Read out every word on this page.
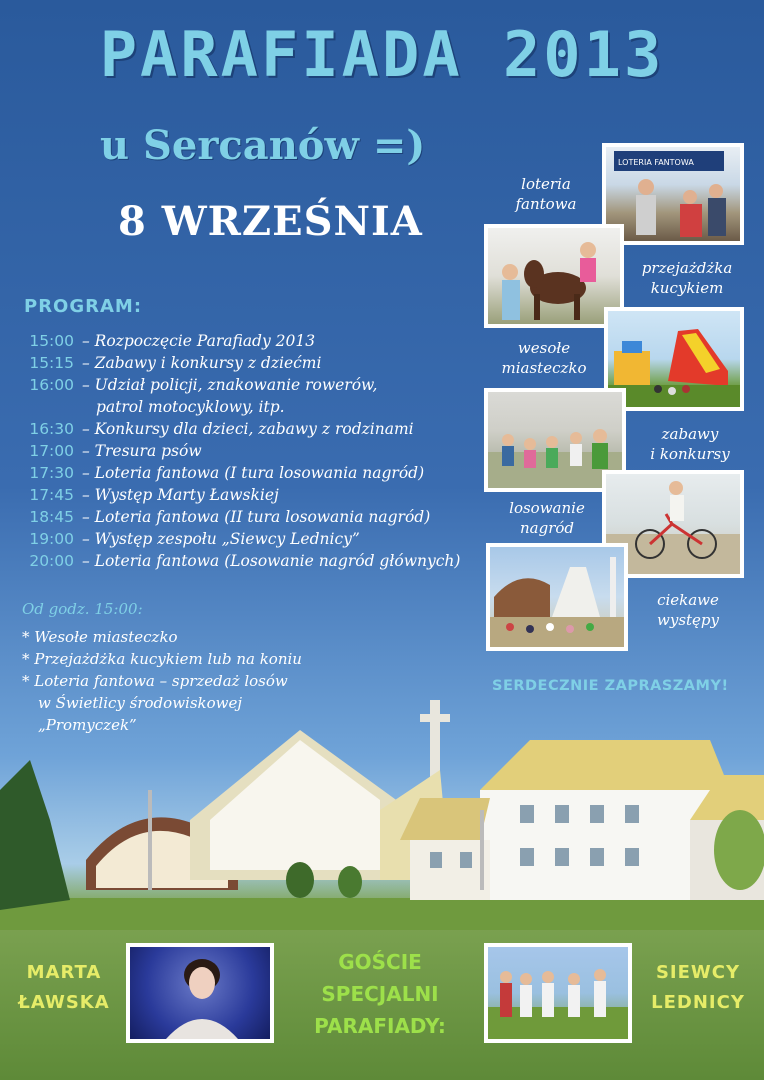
PARAFIADA 2013
u Sercanów =)
8 WRZEŚNIA
PROGRAM:
15:00 – Rozpoczęcie Parafiady 2013
15:15 – Zabawy i konkursy z dziećmi
16:00 – Udział policji, znakowanie rowerów,
patrol motocyklowy, itp.
16:30 – Konkursy dla dzieci, zabawy z rodzinami
17:00 – Tresura psów
17:30 – Loteria fantowa (I tura losowania nagród)
17:45 – Występ Marty Ławskiej
18:45 – Loteria fantowa (II tura losowania nagród)
19:00 – Występ zespołu „Siewcy Lednicy”
20:00 – Loteria fantowa (Losowanie nagród głównych)
Od godz. 15:00:
* Wesołe miasteczko
* Przejażdżka kucykiem lub na koniu
* Loteria fantowa – sprzedaż losów
w Świetlicy środowiskowej
„Promyczek”
loteria
fantowa
LOTERIA FANTOWA
przejażdżka
kucykiem
wesołe
miasteczko
zabawy
i konkursy
losowanie
nagród
ciekawe
występy
SERDECZNIE ZAPRASZAMY!
MARTA
ŁAWSKA
GOŚCIE
SPECJALNI
PARAFIADY:
SIEWCY
LEDNICY
